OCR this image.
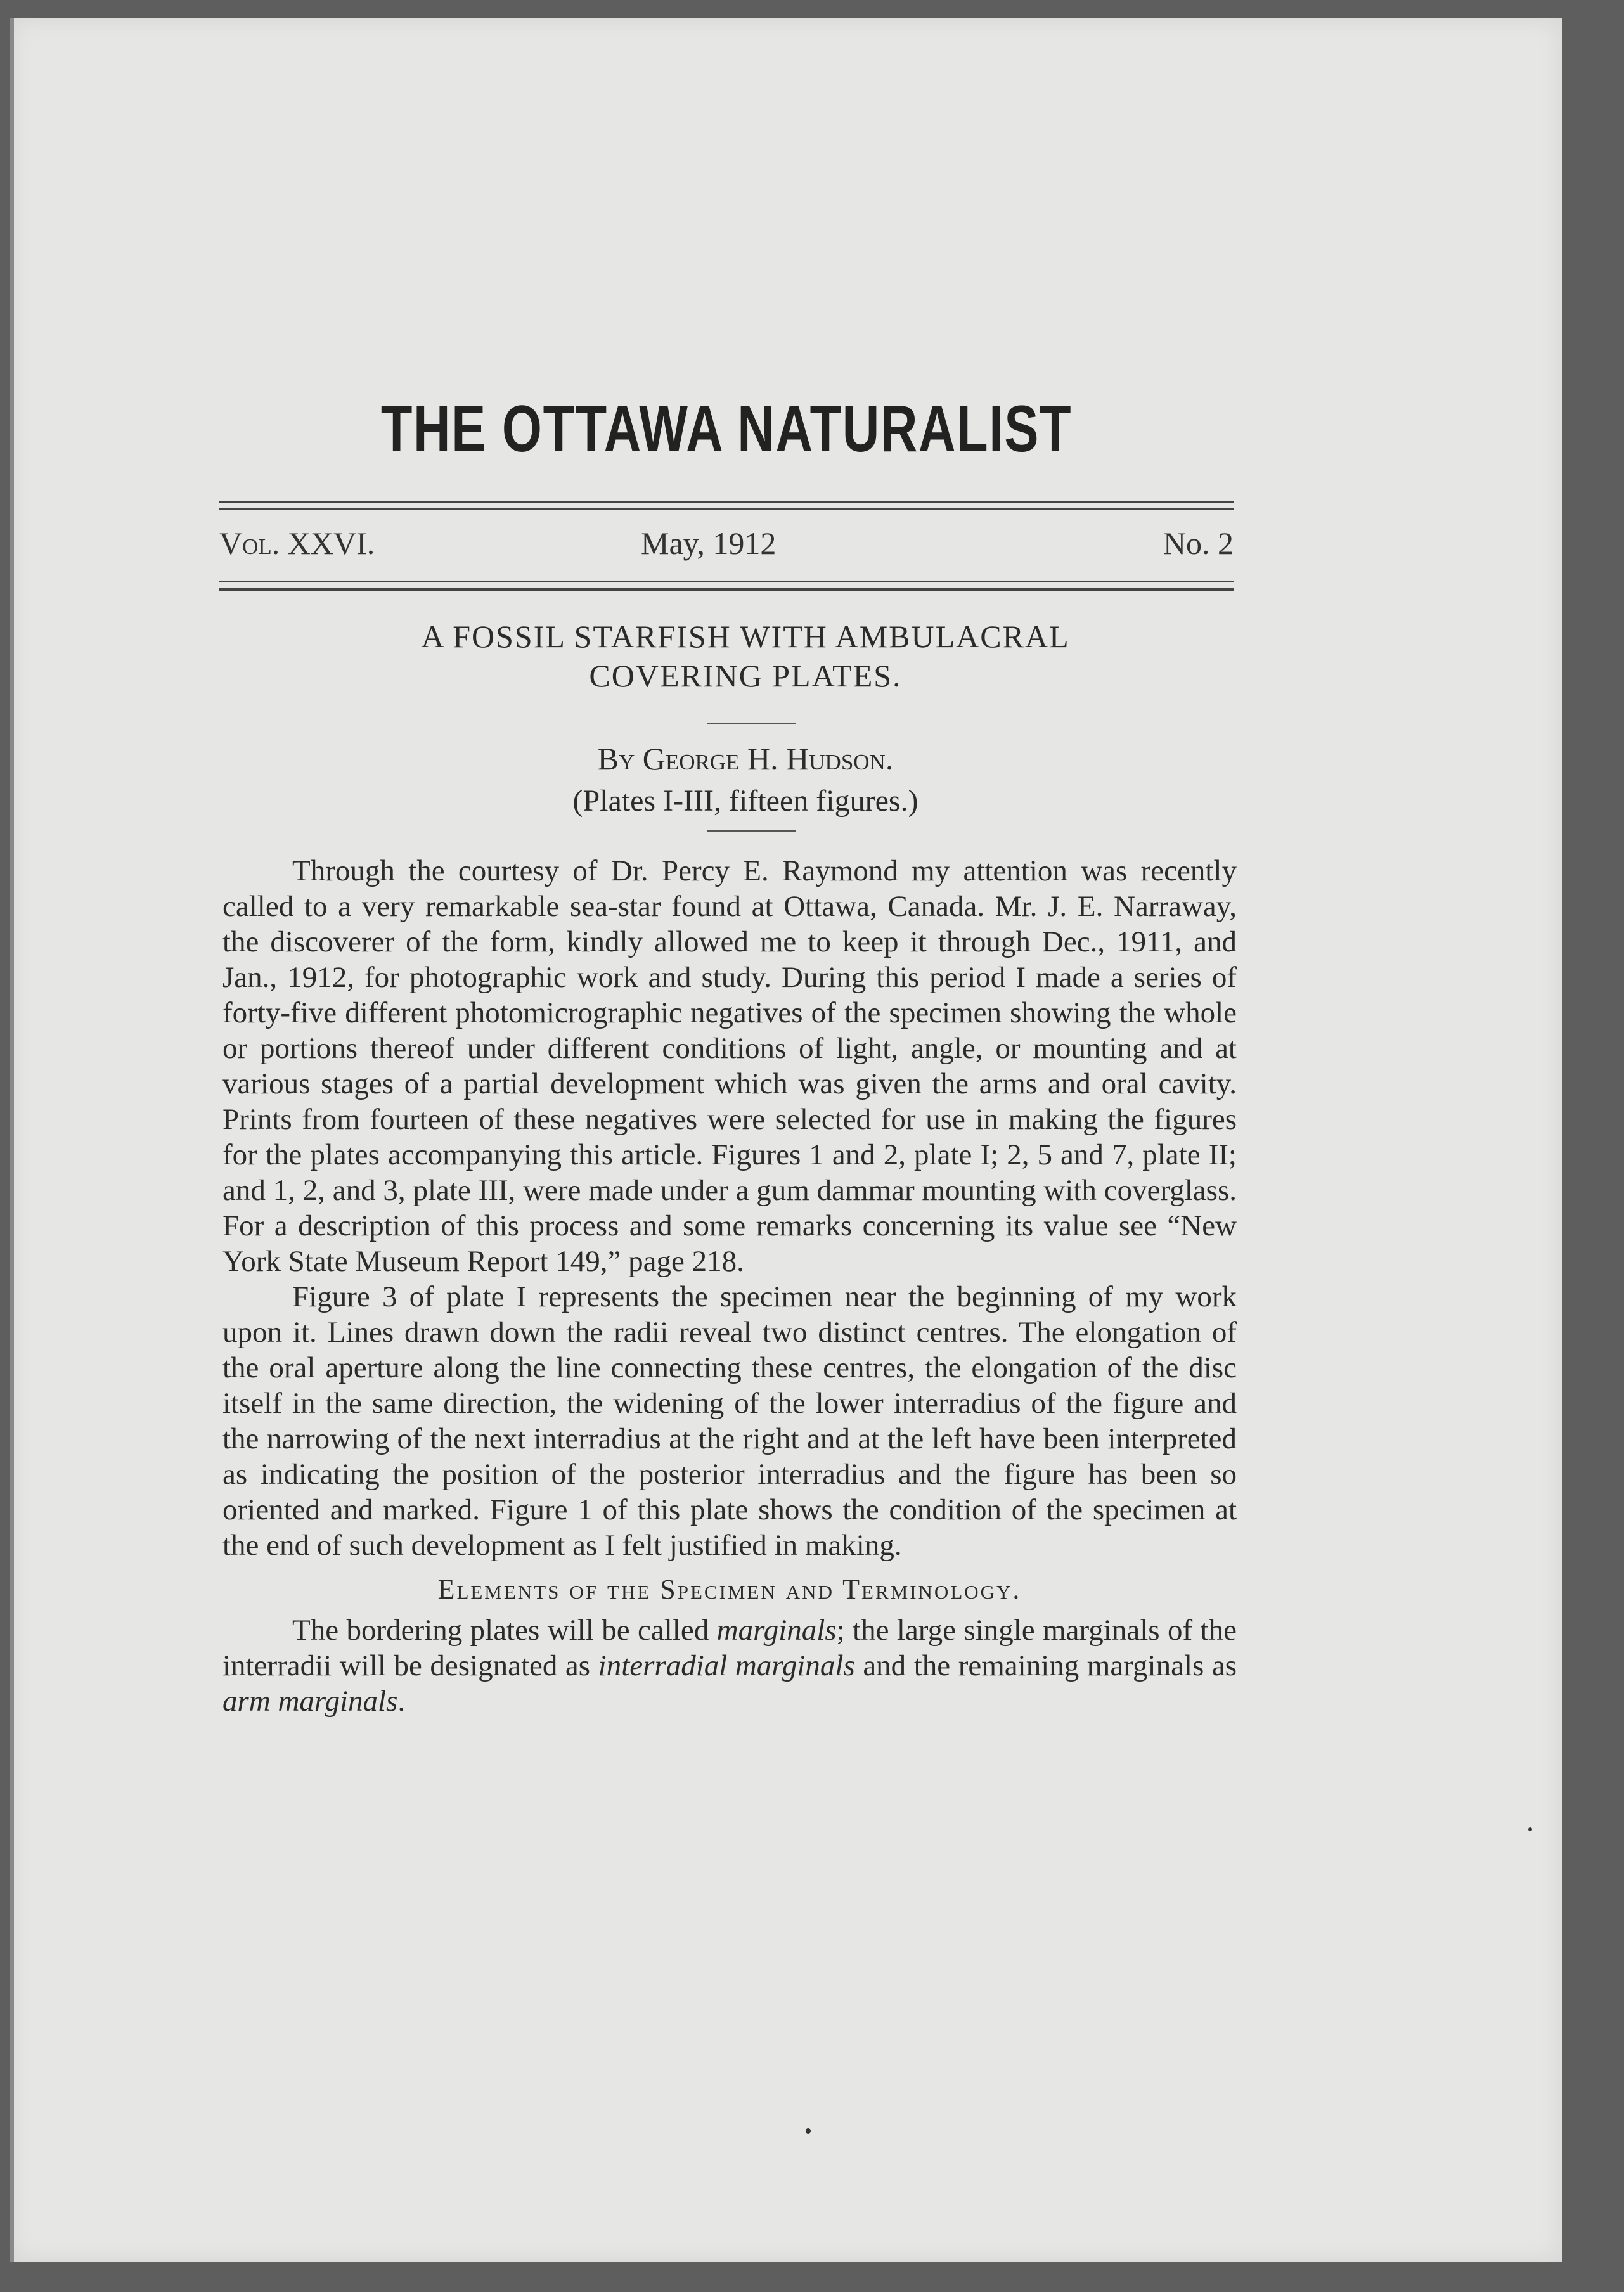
THE OTTAWA NATURALIST
Vol. XXVI.	May, 1912	No. 2
A FOSSIL STARFISH WITH AMBULACRAL
COVERING PLATES.
By George H. Hudson.
(Plates I-III, fifteen figures.)

Through the courtesy of Dr. Percy E. Raymond my attention was recently called to a very remarkable sea-star found at Ottawa, Canada. Mr. J. E. Narraway, the discoverer of the form, kindly allowed me to keep it through Dec., 1911, and Jan., 1912, for photographic work and study. During this period I made a series of forty-five different photomicrographic negatives of the specimen showing the whole or portions thereof under different conditions of light, angle, or mounting and at various stages of a partial development which was given the arms and oral cavity. Prints from fourteen of these negatives were selected for use in making the figures for the plates accompanying this article. Figures 1 and 2, plate I; 2, 5 and 7, plate II; and 1, 2, and 3, plate III, were made under a gum dammar mounting with coverglass. For a description of this process and some remarks concerning its value see “New York State Museum Report 149,” page 218.

Figure 3 of plate I represents the specimen near the beginning of my work upon it. Lines drawn down the radii reveal two distinct centres. The elongation of the oral aperture along the line connecting these centres, the elongation of the disc itself in the same direction, the widening of the lower interradius of the figure and the narrowing of the next interradius at the right and at the left have been interpreted as indicating the position of the posterior interradius and the figure has been so oriented and marked. Figure 1 of this plate shows the condition of the specimen at the end of such development as I felt justified in making.

Elements of the Specimen and Terminology.

The bordering plates will be called marginals; the large single marginals of the interradii will be designated as interradial marginals and the remaining marginals as arm marginals.
